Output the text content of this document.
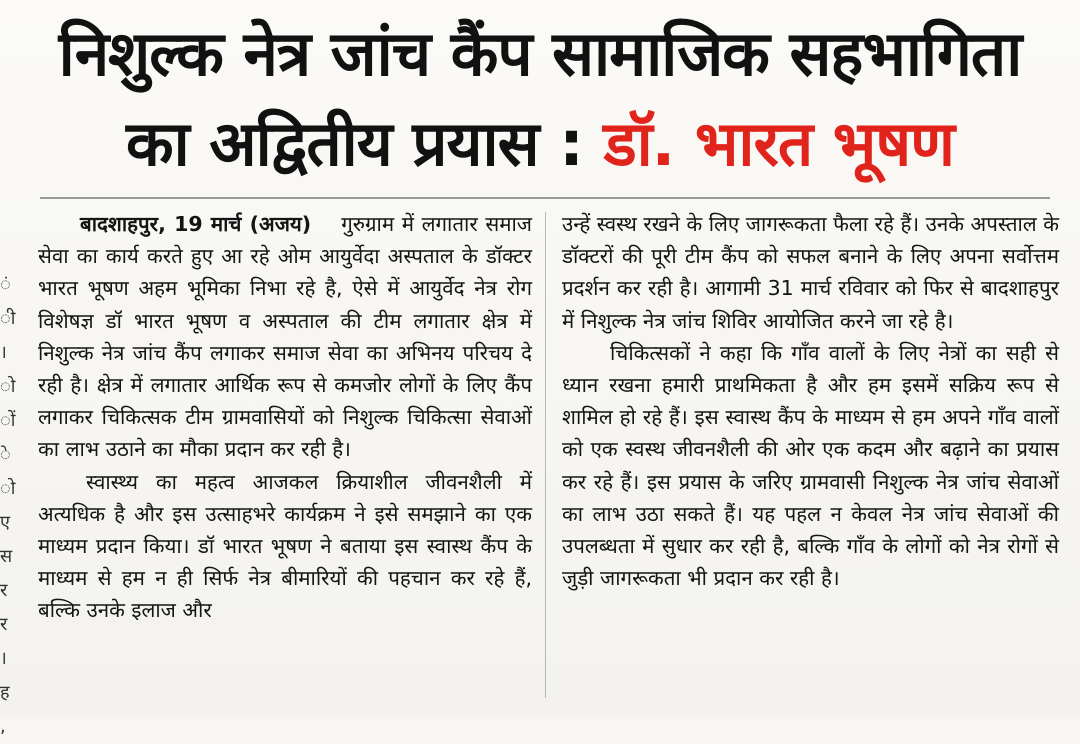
निशुल्क नेत्र जांच कैंप सामाजिक सहभागिता
का अद्वितीय प्रयास : डॉ. भारत भूषण
ं
ी
।
ो
ों
े
ो
ए
स
र
र
।
ह
,

बादशाहपुर, 19 मार्च (अजय) गुरुग्राम में लगातार समाज सेवा का कार्य करते हुए आ रहे ओम आयुर्वेदा अस्पताल के डॉक्टर भारत भूषण अहम भूमिका निभा रहे है, ऐसे में आयुर्वेद नेत्र रोग विशेषज्ञ डॉ भारत भूषण व अस्पताल की टीम लगातार क्षेत्र में निशुल्क नेत्र जांच कैंप लगाकर समाज सेवा का अभिनय परिचय दे रही है। क्षेत्र में लगातार आर्थिक रूप से कमजोर लोगों के लिए कैंप लगाकर चिकित्सक टीम ग्रामवासियों को निशुल्क चिकित्सा सेवाओं का लाभ उठाने का मौका प्रदान कर रही है।

स्वास्थ्य का महत्व आजकल क्रियाशील जीवनशैली में अत्यधिक है और इस उत्साहभरे कार्यक्रम ने इसे समझाने का एक माध्यम प्रदान किया। डॉ भारत भूषण ने बताया इस स्वास्थ कैंप के माध्यम से हम न ही सिर्फ नेत्र बीमारियों की पहचान कर रहे हैं, बल्कि उनके इलाज और

उन्हें स्वस्थ रखने के लिए जागरूकता फैला रहे हैं। उनके अपस्ताल के डॉक्टरों की पूरी टीम कैंप को सफल बनाने के लिए अपना सर्वोत्तम प्रदर्शन कर रही है। आगामी 31 मार्च रविवार को फिर से बादशाहपुर में निशुल्क नेत्र जांच शिविर आयोजित करने जा रहे है।

चिकित्सकों ने कहा कि गाँव वालों के लिए नेत्रों का सही से ध्यान रखना हमारी प्राथमिकता है और हम इसमें सक्रिय रूप से शामिल हो रहे हैं। इस स्वास्थ कैंप के माध्यम से हम अपने गाँव वालों को एक स्वस्थ जीवनशैली की ओर एक कदम और बढ़ाने का प्रयास कर रहे हैं। इस प्रयास के जरिए ग्रामवासी निशुल्क नेत्र जांच सेवाओं का लाभ उठा सकते हैं। यह पहल न केवल नेत्र जांच सेवाओं की उपलब्धता में सुधार कर रही है, बल्कि गाँव के लोगों को नेत्र रोगों से जुड़ी जागरूकता भी प्रदान कर रही है।
